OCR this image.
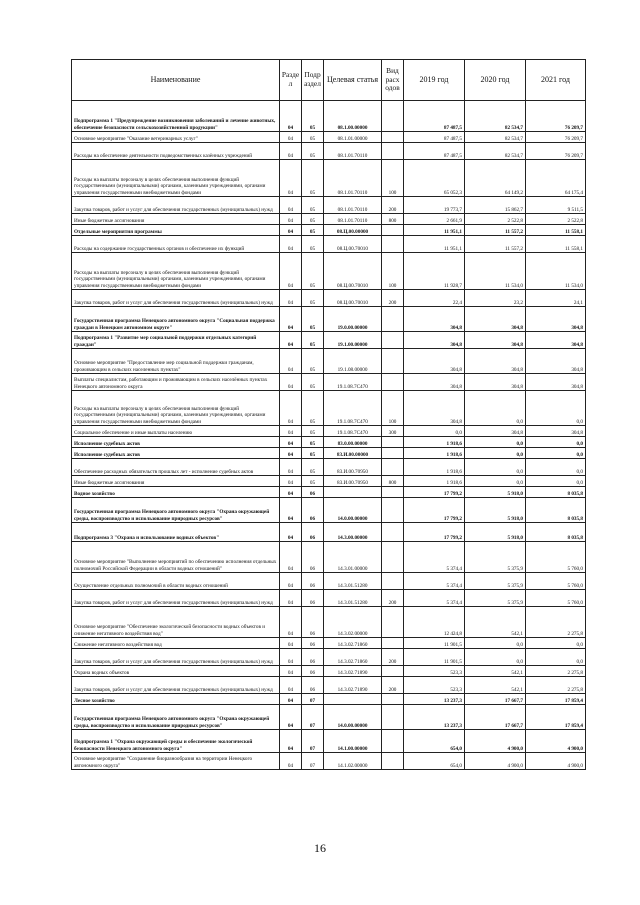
Наименование	Разде л	Подр аздел	Целевая статья	Вид расх одов	2019 год	2020 год	2021 год
Подпрограмма 1 "Предупреждение возникновения заболеваний и лечение животных, обеспечение безопасности сельскохозяйственной продукции"	04	05	08.1.00.00000		87 487,5	82 534,7	76 209,7
Основное мероприятие "Оказание ветеринарных услуг"	04	05	08.1.01.00000		87 487,5	82 534,7	76 209,7
Расходы на обеспечение деятельности подведомственных казённых учреждений	04	05	08.1.01.70110		87 487,5	82 534,7	76 209,7
Расходы на выплаты персоналу в целях обеспечения выполнения функций государственными (муниципальными) органами, казенными учреждениями, органами управления государственными внебюджетными фондами	04	05	08.1.01.70110	100	65 052,3	64 149,2	64 175,4
Закупка товаров, работ и услуг для обеспечения государственных (муниципальных) нужд	04	05	08.1.01.70110	200	19 773,7	15 862,7	9 511,5
Иные бюджетные ассигнования	04	05	08.1.01.70110	800	2 661,9	2 522,8	2 522,8
Отдельные мероприятия программы	04	05	08.Ц.00.00000		11 951,1	11 557,2	11 558,1
Расходы на содержание государственных органов и обеспечение их функций	04	05	08.Ц.00.70010		11 951,1	11 557,2	11 558,1
Расходы на выплаты персоналу в целях обеспечения выполнения функций государственными (муниципальными) органами, казенными учреждениями, органами управления государственными внебюджетными фондами	04	05	08.Ц.00.70010	100	11 928,7	11 534,0	11 534,0
Закупка товаров, работ и услуг для обеспечения государственных (муниципальных) нужд	04	05	08.Ц.00.70010	200	22,4	23,2	24,1
Государственная программа Ненецкого автономного округа "Социальная поддержка граждан в Ненецком автономном округе"	04	05	19.0.00.00000		304,8	304,8	304,8
Подпрограмма 1 "Развитие мер социальной поддержки отдельных категорий граждан"	04	05	19.1.00.00000		304,8	304,8	304,8
Основное мероприятие "Предоставление мер социальной поддержки гражданам, проживающим в сельских населенных пунктах"	04	05	19.1.08.00000		304,8	304,8	304,8
Выплаты специалистам, работающим и проживающим в сельских населённых пунктах Ненецкого автономного округа	04	05	19.1.08.7С470		304,8	304,8	304,8
Расходы на выплаты персоналу в целях обеспечения выполнения функций государственными (муниципальными) органами, казенными учреждениями, органами управления государственными внебюджетными фондами	04	05	19.1.08.7С470	100	304,8	0,0	0,0
Социальное обеспечение и иные выплаты населению	04	05	19.1.08.7С470	300	0,0	304,8	304,8
Исполнение судебных актов	04	05	83.0.00.00000		1 918,6	0,0	0,0
Исполнение судебных актов	04	05	83.И.00.00000		1 918,6	0,0	0,0
Обеспечение расходных обязательств прошлых лет - исполнение судебных актов	04	05	83.И.00.70950		1 918,6	0,0	0,0
Иные бюджетные ассигнования	04	05	83.И.00.70950	800	1 918,6	0,0	0,0
Водное хозяйство	04	06			17 799,2	5 918,0	8 035,8
Государственная программа Ненецкого автономного округа "Охрана окружающей среды, воспроизводство и использование природных ресурсов"	04	06	14.0.00.00000		17 799,2	5 918,0	8 035,8
Подпрограмма 3 "Охрана и использование водных объектов"	04	06	14.3.00.00000		17 799,2	5 918,0	8 035,8
Основное мероприятие "Выполнение мероприятий по обеспечению исполнения отдельных полномочий Российской Федерации в области водных отношений"	04	06	14.3.01.00000		5 374,4	5 375,9	5 760,0
Осуществление отдельных полномочий в области водных отношений	04	06	14.3.01.51280		5 374,4	5 375,9	5 760,0
Закупка товаров, работ и услуг для обеспечения государственных (муниципальных) нужд	04	06	14.3.01.51280	200	5 374,4	5 375,9	5 760,0
Основное мероприятие "Обеспечение экологической безопасности водных объектов и снижение негативного воздействия вод"	04	06	14.3.02.00000		12 424,8	542,1	2 275,8
Снижение негативного воздействия вод	04	06	14.3.02.71860		11 901,5	0,0	0,0
Закупка товаров, работ и услуг для обеспечения государственных (муниципальных) нужд	04	06	14.3.02.71860	200	11 901,5	0,0	0,0
Охрана водных объектов	04	06	14.3.02.71890		523,3	542,1	2 275,8
Закупка товаров, работ и услуг для обеспечения государственных (муниципальных) нужд	04	06	14.3.02.71890	200	523,3	542,1	2 275,8
Лесное хозяйство	04	07			13 237,3	17 667,7	17 859,4
Государственная программа Ненецкого автономного округа "Охрана окружающей среды, воспроизводство и использование природных ресурсов"	04	07	14.0.00.00000		13 237,3	17 667,7	17 859,4
Подпрограмма 1 "Охрана окружающей среды и обеспечение экологической безопасности Ненецкого автономного округа"	04	07	14.1.00.00000		654,0	4 900,0	4 900,0
Основное мероприятие "Сохранение биоразнообразия на территории Ненецкого автономного округа"	04	07	14.1.02.00000		654,0	4 900,0	4 900,0
16
